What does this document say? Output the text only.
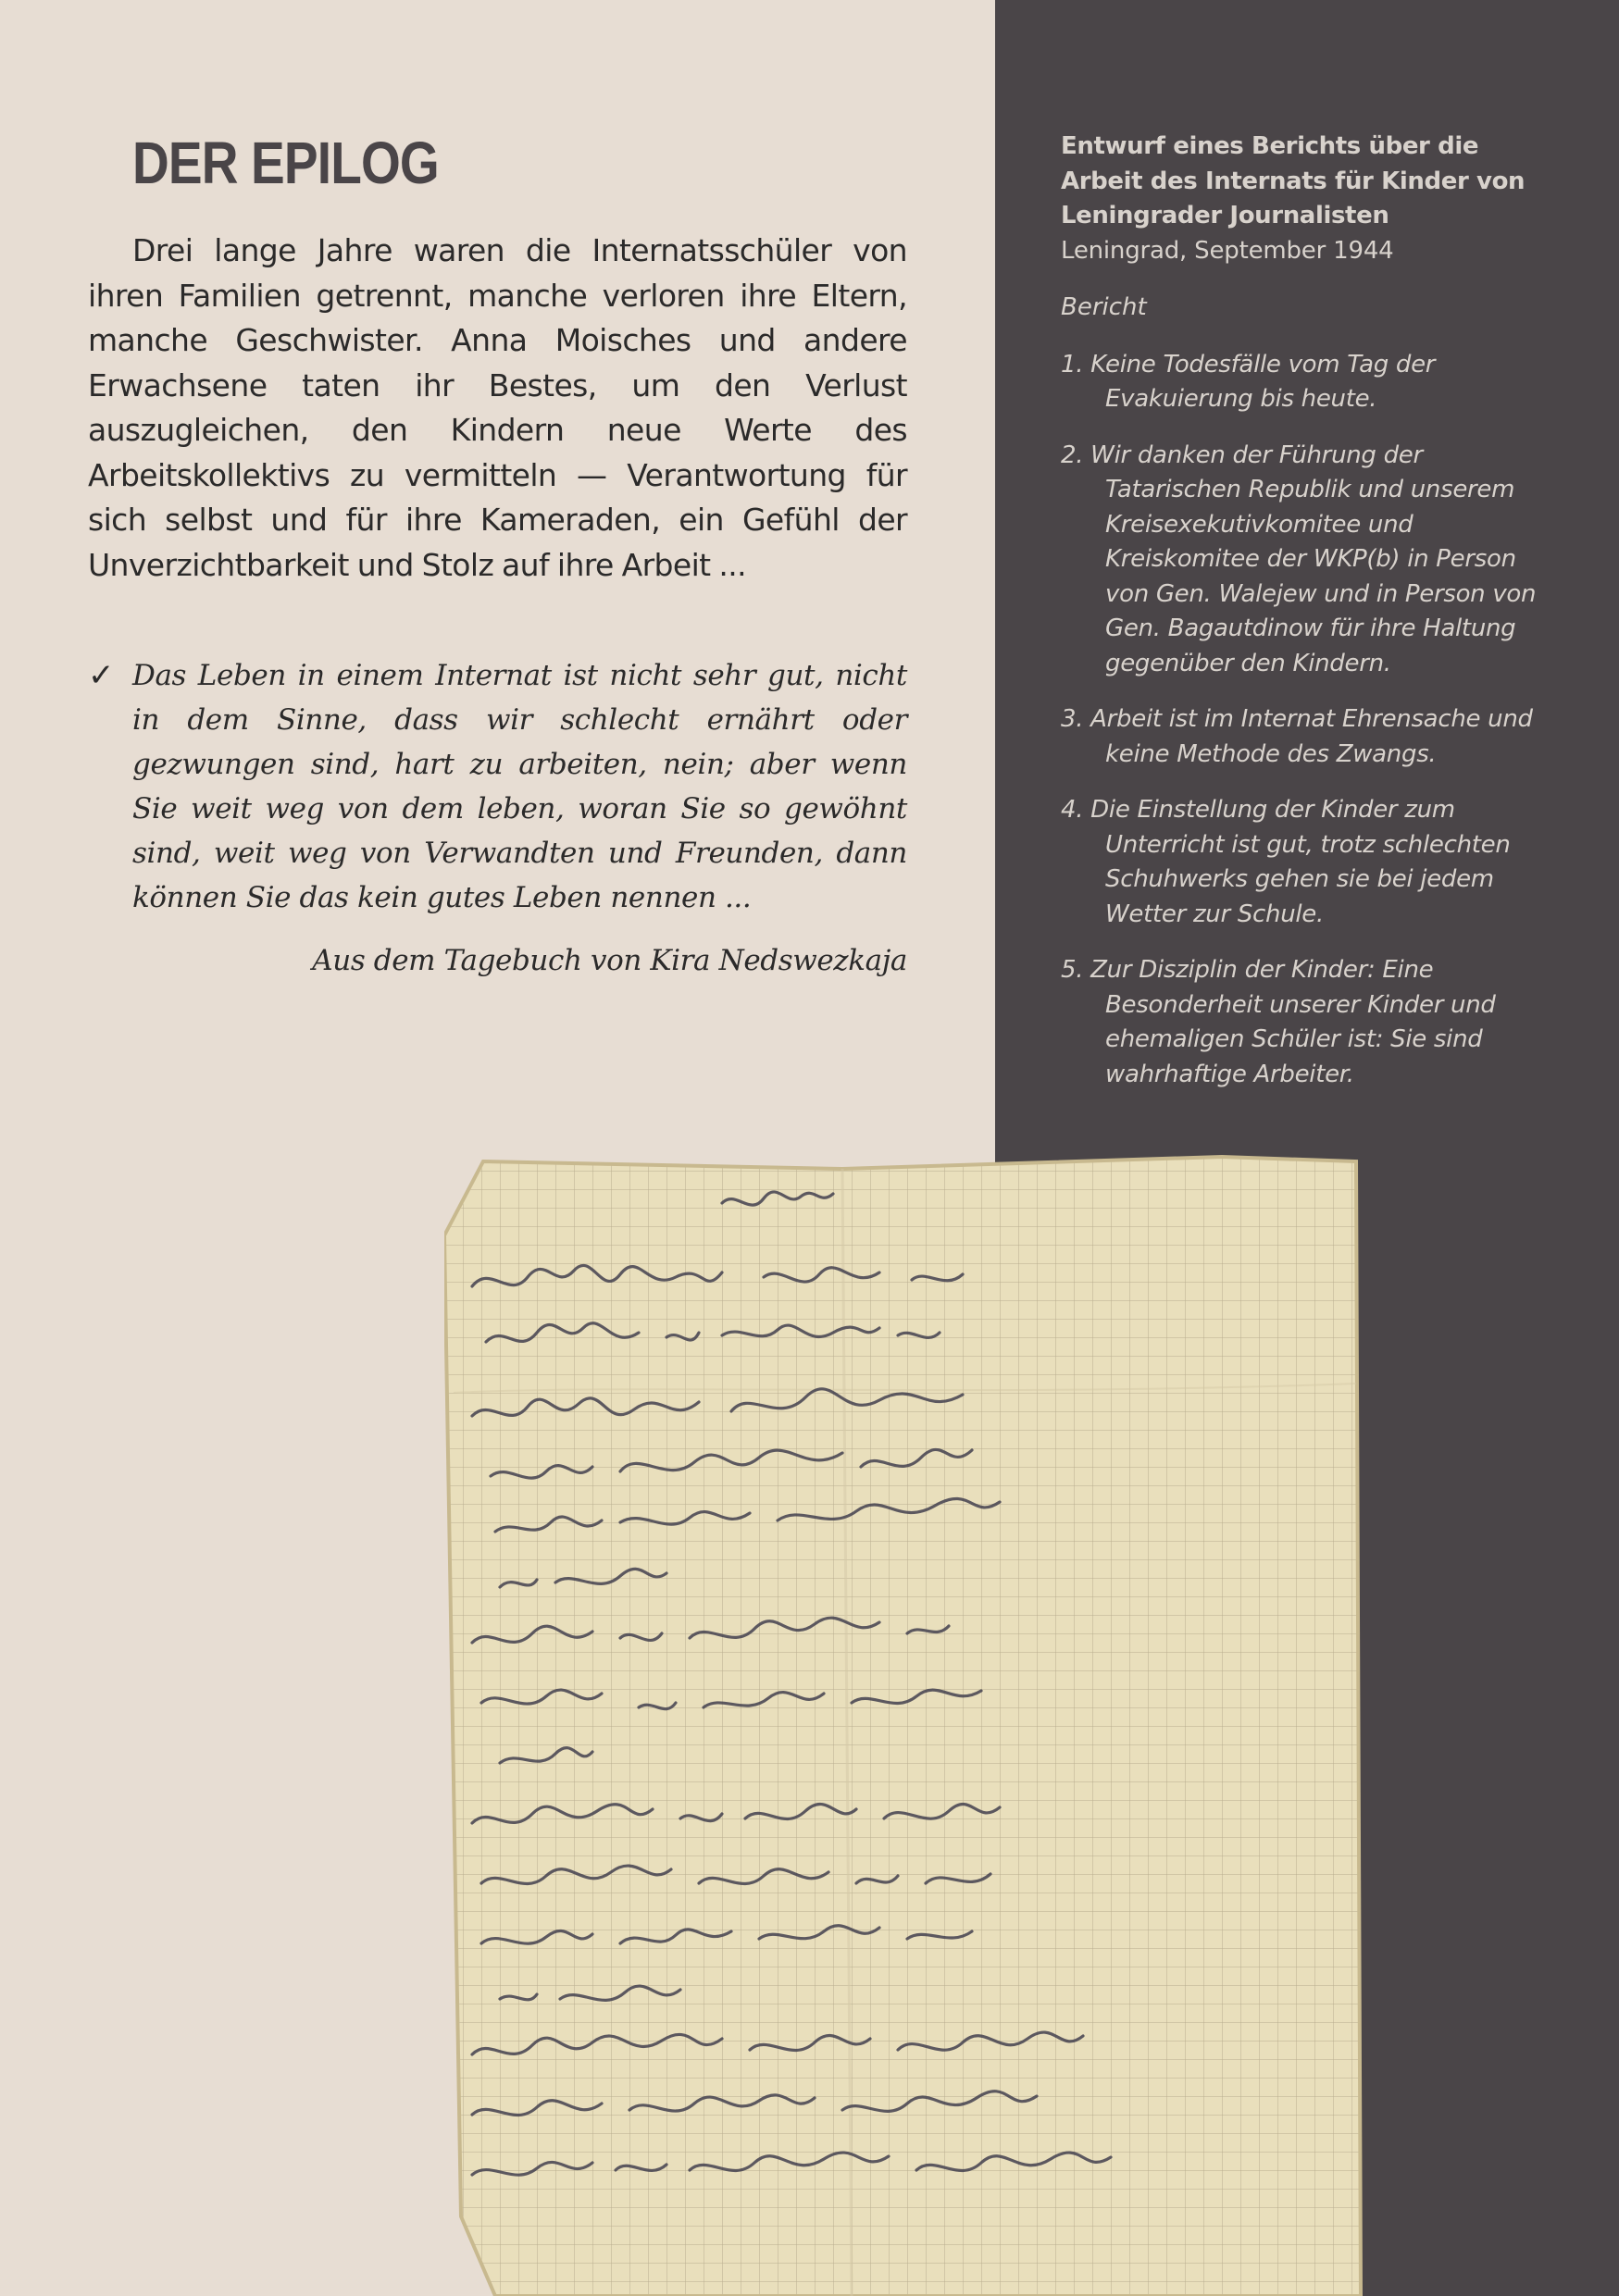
DER EPILOG

Drei lange Jahre waren die Internatsschüler von ihren Familien getrennt, manche verloren ihre Eltern, manche Geschwister. Anna Moisches und andere Erwachsene taten ihr Bestes, um den Verlust auszugleichen, den Kindern neue Werte des Arbeitskollektivs zu vermitteln — Verantwortung für sich selbst und für ihre Kameraden, ein Gefühl der Unverzichtbarkeit und Stolz auf ihre Arbeit ...

✓ Das Leben in einem Internat ist nicht sehr gut, nicht in dem Sinne, dass wir schlecht ernährt oder gezwungen sind, hart zu arbeiten, nein; aber wenn Sie weit weg von dem leben, woran Sie so gewöhnt sind, weit weg von Verwandten und Freunden, dann können Sie das kein gutes Leben nennen ...

Aus dem Tagebuch von Kira Nedswezkaja

Entwurf eines Berichts über die Arbeit des Internats für Kinder von Leningrader Journalisten

Leningrad, September 1944

Bericht

1. Keine Todesfälle vom Tag der Evakuierung bis heute.
2. Wir danken der Führung der Tatarischen Republik und unserem Kreisexekutivkomitee und Kreiskomitee der WKP(b) in Person von Gen. Walejew und in Person von Gen. Bagautdinow für ihre Haltung gegenüber den Kindern.
3. Arbeit ist im Internat Ehrensache und keine Methode des Zwangs.
4. Die Einstellung der Kinder zum Unterricht ist gut, trotz schlechten Schuhwerks gehen sie bei jedem Wetter zur Schule.
5. Zur Disziplin der Kinder: Eine Besonderheit unserer Kinder und ehemaligen Schüler ist: Sie sind wahrhaftige Arbeiter.
